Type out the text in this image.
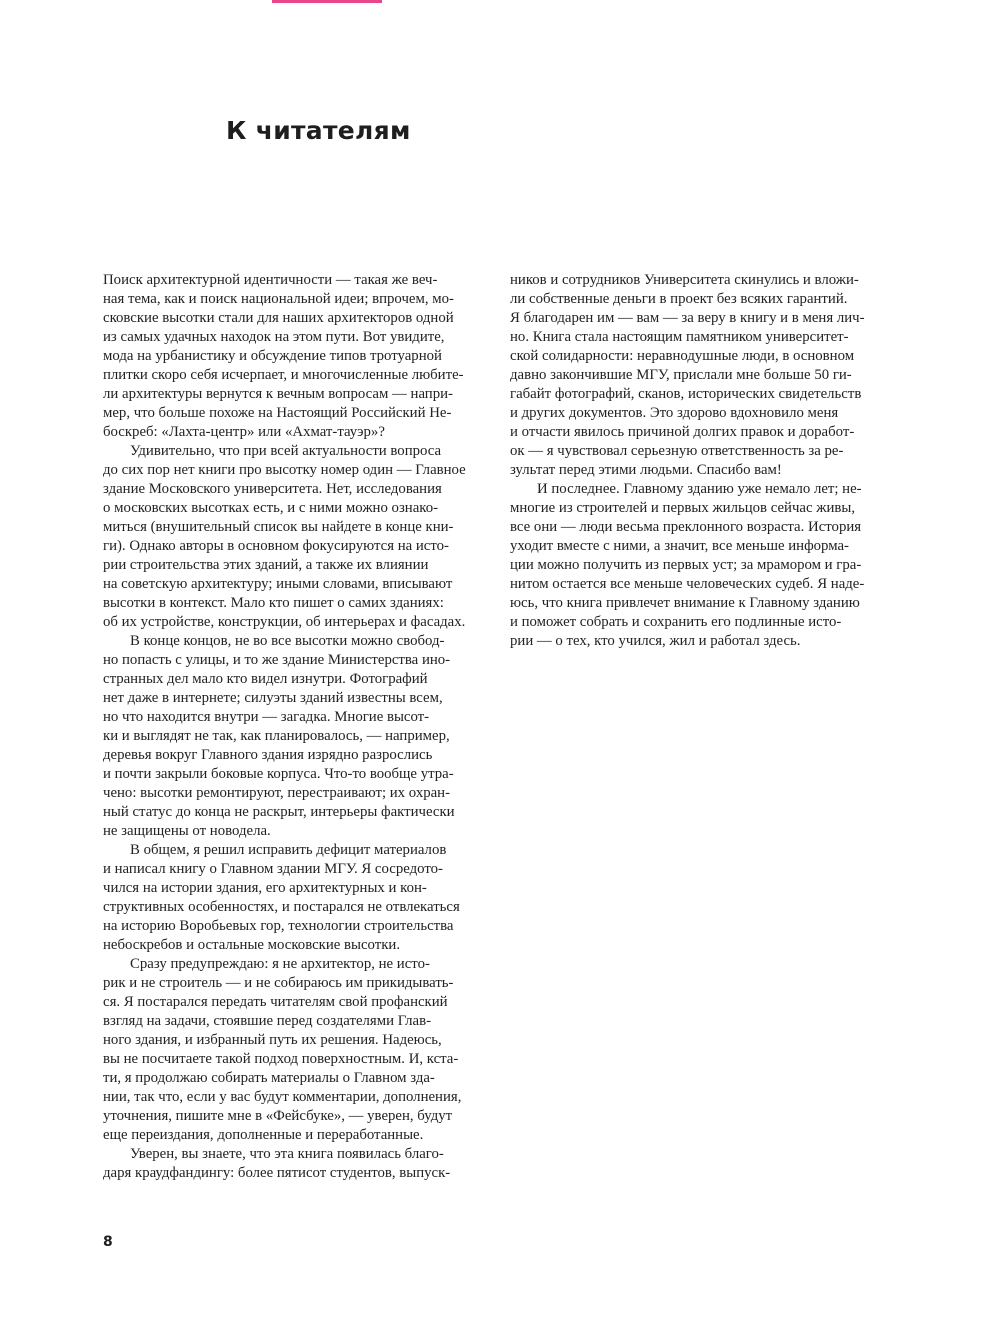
К читателям
Поиск архитектурной идентичности — такая же веч-
ная тема, как и поиск национальной идеи; впрочем, мо-
сковские высотки стали для наших архитекторов одной
из самых удачных находок на этом пути. Вот увидите,
мода на урбанистику и обсуждение типов тротуарной
плитки скоро себя исчерпает, и многочисленные любите-
ли архитектуры вернутся к вечным вопросам — напри-
мер, что больше похоже на Настоящий Российский Не-
боскреб: «Лахта-центр» или «Ахмат-тауэр»?
Удивительно, что при всей актуальности вопроса
до сих пор нет книги про высотку номер один — Главное
здание Московского университета. Нет, исследования
о московских высотках есть, и с ними можно ознако-
миться (внушительный список вы найдете в конце кни-
ги). Однако авторы в основном фокусируются на исто-
рии строительства этих зданий, а также их влиянии
на советскую архитектуру; иными словами, вписывают
высотки в контекст. Мало кто пишет о самих зданиях:
об их устройстве, конструкции, об интерьерах и фасадах.
В конце концов, не во все высотки можно свобод-
но попасть с улицы, и то же здание Министерства ино-
странных дел мало кто видел изнутри. Фотографий
нет даже в интернете; силуэты зданий известны всем,
но что находится внутри — загадка. Многие высот-
ки и выглядят не так, как планировалось, — например,
деревья вокруг Главного здания изрядно разрослись
и почти закрыли боковые корпуса. Что-то вообще утра-
чено: высотки ремонтируют, перестраивают; их охран-
ный статус до конца не раскрыт, интерьеры фактически
не защищены от новодела.
В общем, я решил исправить дефицит материалов
и написал книгу о Главном здании МГУ. Я сосредото-
чился на истории здания, его архитектурных и кон-
структивных особенностях, и постарался не отвлекаться
на историю Воробьевых гор, технологии строительства
небоскребов и остальные московские высотки.
Сразу предупреждаю: я не архитектор, не исто-
рик и не строитель — и не собираюсь им прикидывать-
ся. Я постарался передать читателям свой профанский
взгляд на задачи, стоявшие перед создателями Глав-
ного здания, и избранный путь их решения. Надеюсь,
вы не посчитаете такой подход поверхностным. И, кста-
ти, я продолжаю собирать материалы о Главном здa-
нии, так что, если у вас будут комментарии, дополнения,
уточнения, пишите мне в «Фейсбуке», — уверен, будут
еще переиздания, дополненные и переработанные.
Уверен, вы знаете, что эта книга появилась благо-
даря краудфандингу: более пятисот студентов, выпуск-
ников и сотрудников Университета скинулись и вложи-
ли собственные деньги в проект без всяких гарантий.
Я благодарен им — вам — за веру в книгу и в меня лич-
но. Книга стала настоящим памятником университет-
ской солидарности: неравнодушные люди, в основном
давно закончившие МГУ, прислали мне больше 50 ги-
габайт фотографий, сканов, исторических свидетельств
и других документов. Это здорово вдохновило меня
и отчасти явилось причиной долгих правок и доработ-
ок — я чувствовал серьезную ответственность за ре-
зультат перед этими людьми. Спасибо вам!
И последнее. Главному зданию уже немало лет; не-
многие из строителей и первых жильцов сейчас живы,
все они — люди весьма преклонного возраста. История
уходит вместе с ними, а значит, все меньше информа-
ции можно получить из первых уст; за мрамором и гра-
нитом остается все меньше человеческих судеб. Я наде-
юсь, что книга привлечет внимание к Главному зданию
и поможет собрать и сохранить его подлинные исто-
рии — о тех, кто учился, жил и работал здесь.
8
